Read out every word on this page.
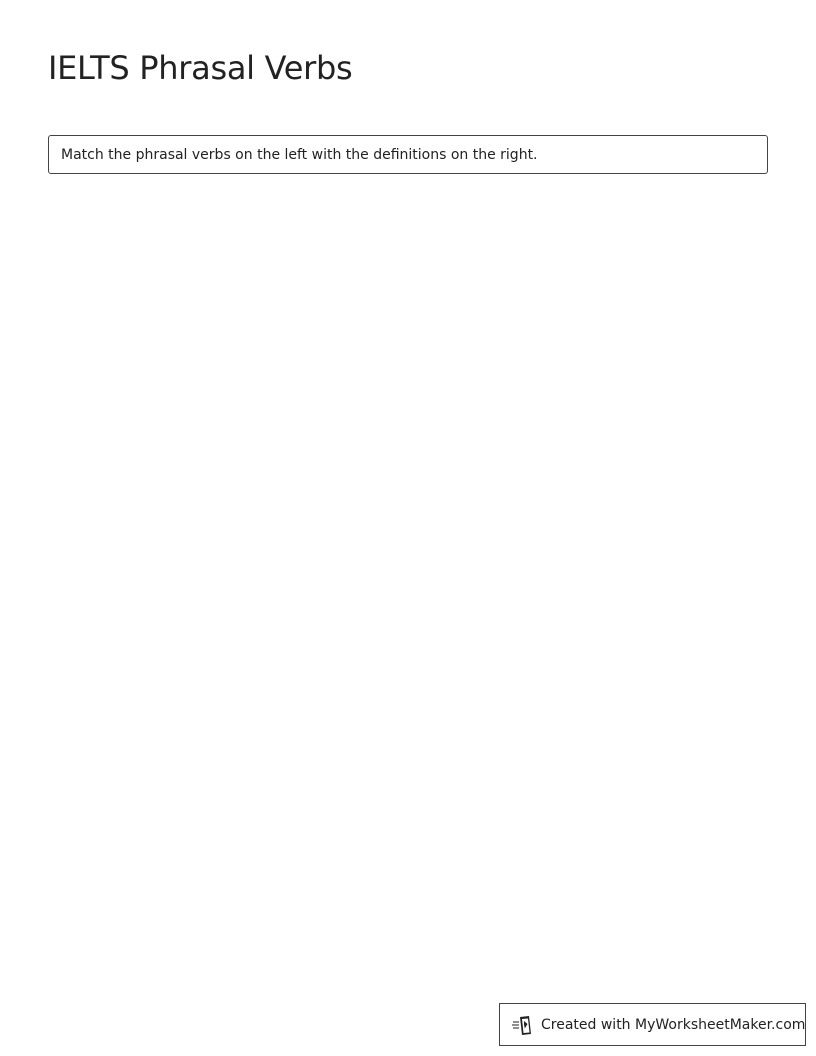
IELTS Phrasal Verbs
Match the phrasal verbs on the left with the definitions on the right.
Created with MyWorksheetMaker.com
